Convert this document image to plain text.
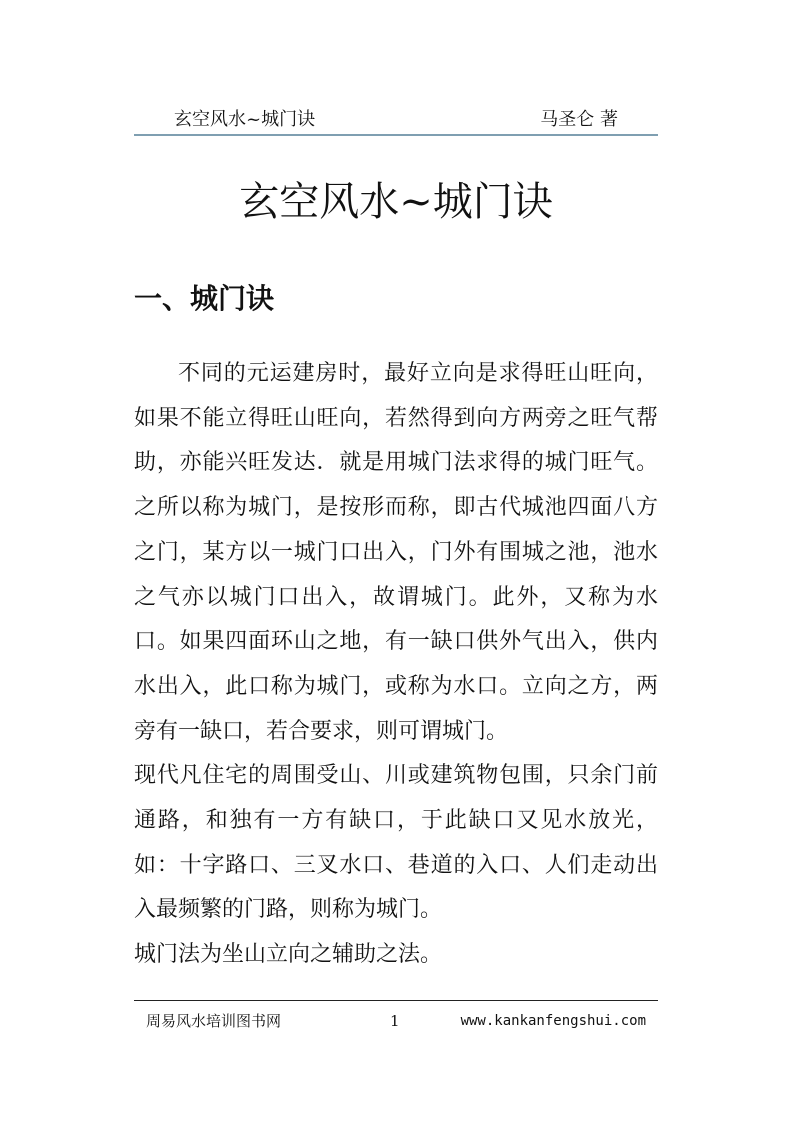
玄空风水~城门诀	马圣仑 著
玄空风水~城门诀
一、城门诀

不同的元运建房时，最好立向是求得旺山旺向，如果不能立得旺山旺向，若然得到向方两旁之旺气帮助，亦能兴旺发达．就是用城门法求得的城门旺气。之所以称为城门，是按形而称，即古代城池四面八方之门，某方以一城门口出入，门外有围城之池，池水之气亦以城门口出入，故谓城门。此外，又称为水口。如果四面环山之地，有一缺口供外气出入，供内水出入，此口称为城门，或称为水口。立向之方，两旁有一缺口，若合要求，则可谓城门。

现代凡住宅的周围受山、川或建筑物包围，只余门前通路，和独有一方有缺口，于此缺口又见水放光，如：十字路口、三叉水口、巷道的入口、人们走动出入最频繁的门路，则称为城门。

城门法为坐山立向之辅助之法。

周易风水培训图书网	1	www.kankanfengshui.com
